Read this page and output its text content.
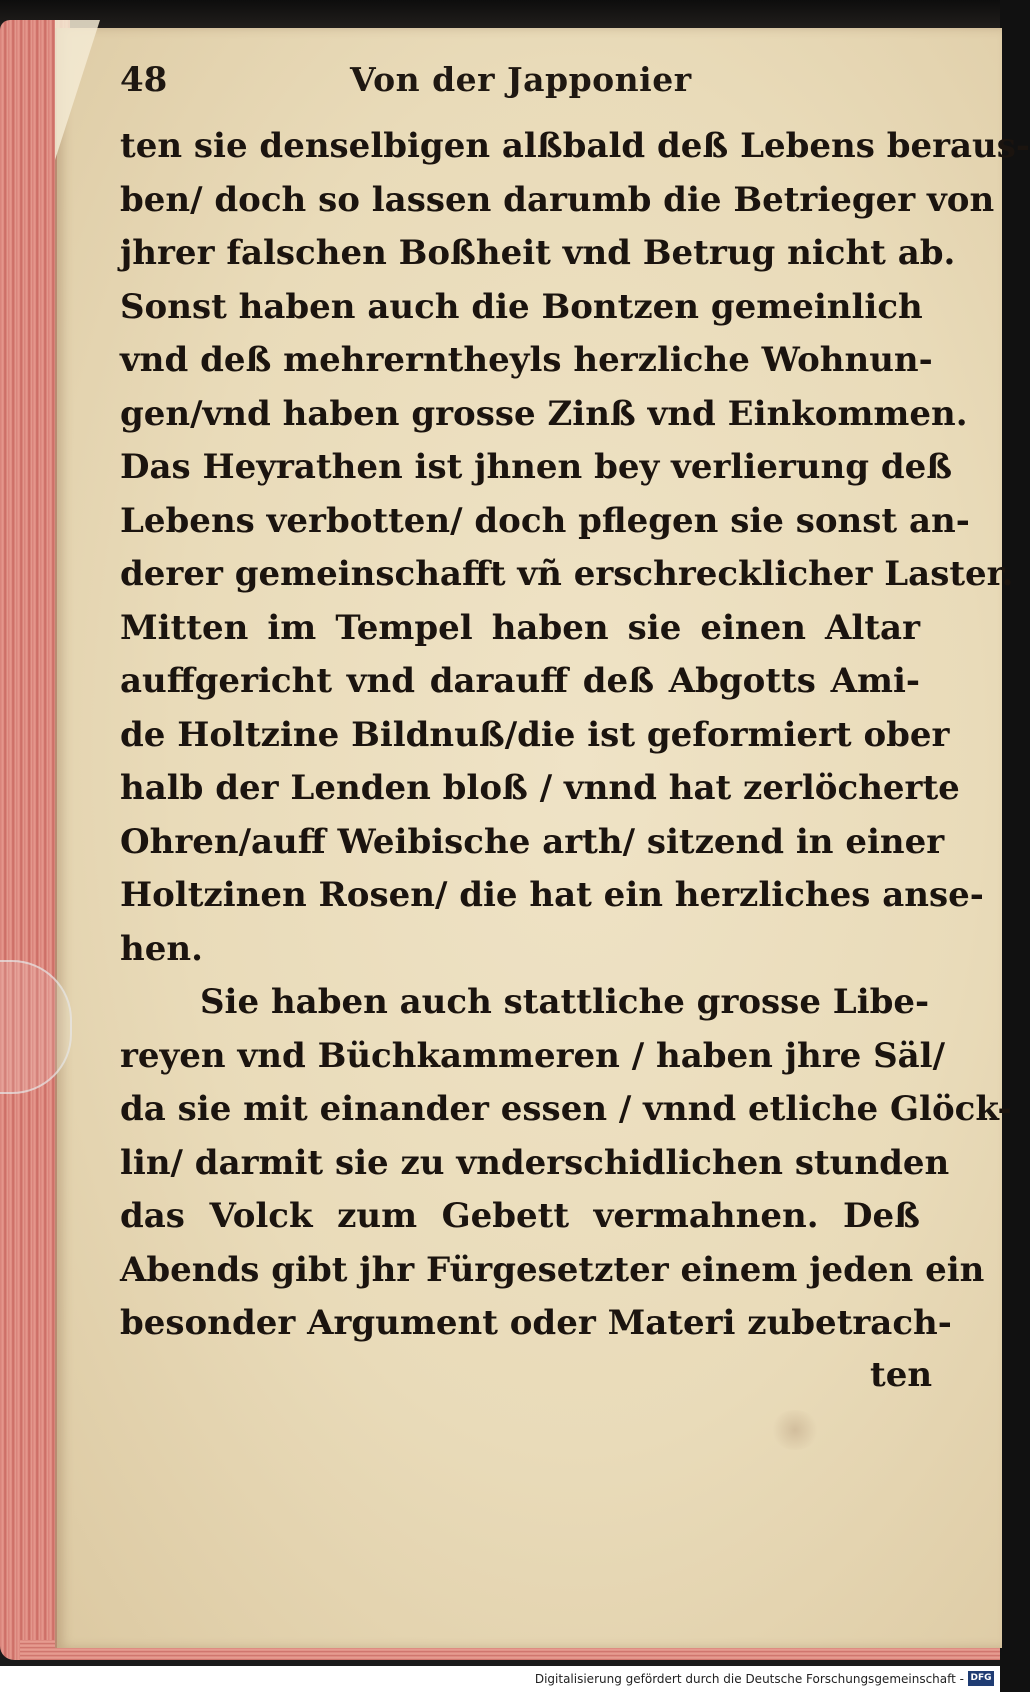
48	Von der Japponier
ten sie denselbigen alßbald deß Lebens beraus-
ben/ doch so lassen darumb die Betrieger von
jhrer falschen Boßheit vnd Betrug nicht ab.
Sonst haben auch die Bontzen gemeinlich
vnd deß mehrerntheyls herzliche Wohnun-
gen/vnd haben grosse Zinß vnd Einkommen.
Das Heyrathen ist jhnen bey verlierung deß
Lebens verbotten/ doch pflegen sie sonst an-
derer gemeinschafft vñ erschrecklicher Laster.
Mitten im Tempel haben sie einen Altar
auffgericht vnd darauff deß Abgotts Ami-
de Holtzine Bildnuß/die ist geformiert ober
halb der Lenden bloß / vnnd hat zerlöcherte
Ohren/auff Weibische arth/ sitzend in einer
Holtzinen Rosen/ die hat ein herzliches anse-
hen.
Sie haben auch stattliche grosse Libe-
reyen vnd Büchkammeren / haben jhre Säl/
da sie mit einander essen / vnnd etliche Glöck-
lin/ darmit sie zu vnderschidlichen stunden
das Volck zum Gebett vermahnen. Deß
Abends gibt jhr Fürgesetzter einem jeden ein
besonder Argument oder Materi zubetrach-
ten
Digitalisierung gefördert durch die Deutsche Forschungsgemeinschaft - DFG
